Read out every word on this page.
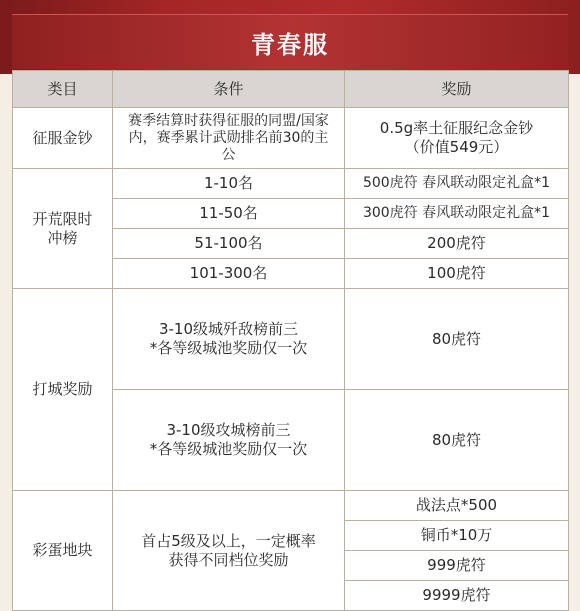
青春服
类目	条件	奖励
征服金钞	赛季结算时获得征服的同盟/国家内，赛季累计武勋排名前30的主公	0.5g率土征服纪念金钞
（价值549元）

开荒限时冲榜	1-10名	500虎符 春风联动限定礼盒*1
	11-50名	300虎符 春风联动限定礼盒*1
	51-100名	200虎符
	101-300名	100虎符
打城奖励	3-10级城歼敌榜前三
*各等级城池奖励仅一次	80虎符

	3-10级攻城榜前三
*各等级城池奖励仅一次	80虎符
彩蛋地块	首占5级及以上，一定概率
获得不同档位奖励	战法点*500
		铜币*10万
		999虎符
		9999虎符
